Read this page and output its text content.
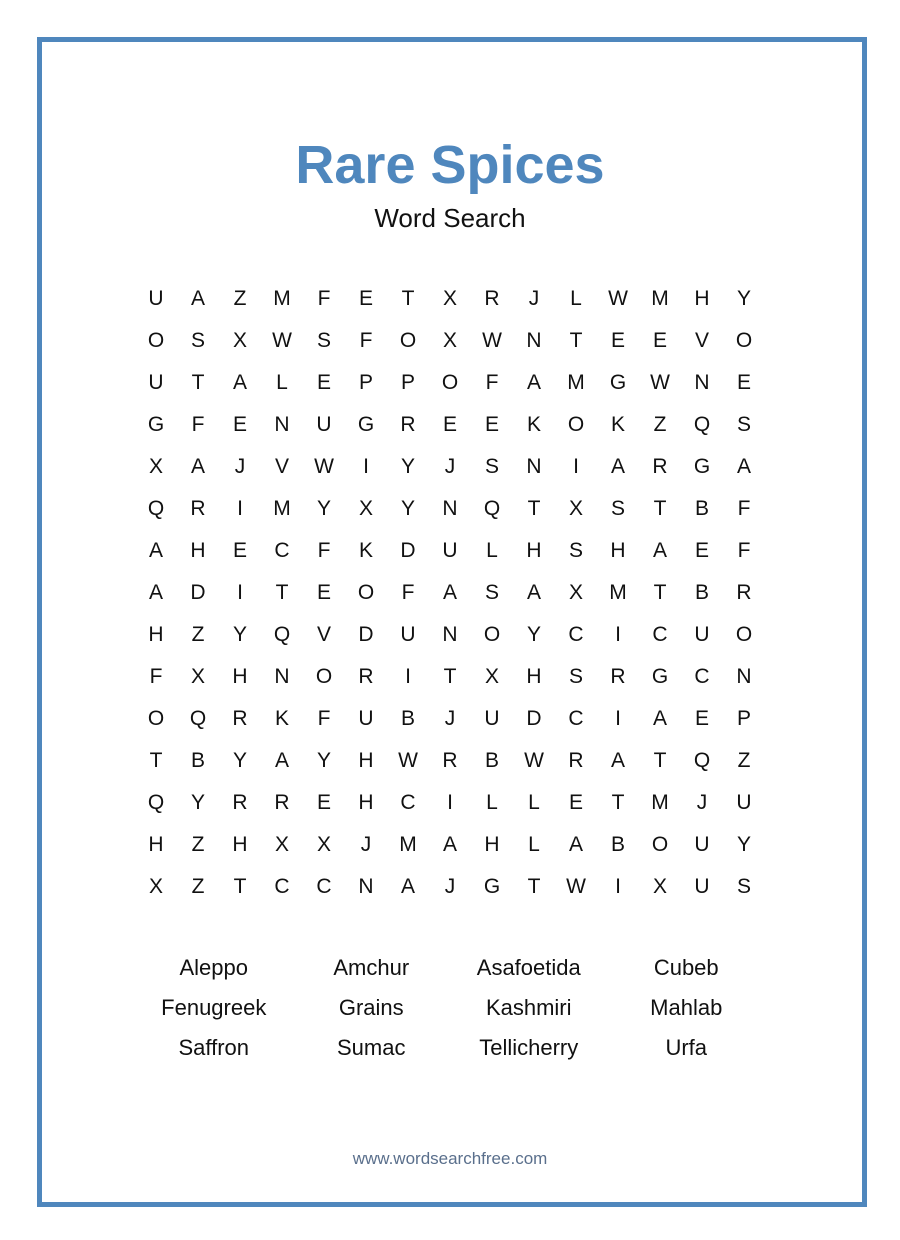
Rare Spices
Word Search
U	A	Z	M	F	E	T	X	R	J	L	W	M	H	Y
O	S	X	W	S	F	O	X	W	N	T	E	E	V	O
U	T	A	L	E	P	P	O	F	A	M	G	W	N	E
G	F	E	N	U	G	R	E	E	K	O	K	Z	Q	S
X	A	J	V	W	I	Y	J	S	N	I	A	R	G	A
Q	R	I	M	Y	X	Y	N	Q	T	X	S	T	B	F
A	H	E	C	F	K	D	U	L	H	S	H	A	E	F
A	D	I	T	E	O	F	A	S	A	X	M	T	B	R
H	Z	Y	Q	V	D	U	N	O	Y	C	I	C	U	O
F	X	H	N	O	R	I	T	X	H	S	R	G	C	N
O	Q	R	K	F	U	B	J	U	D	C	I	A	E	P
T	B	Y	A	Y	H	W	R	B	W	R	A	T	Q	Z
Q	Y	R	R	E	H	C	I	L	L	E	T	M	J	U
H	Z	H	X	X	J	M	A	H	L	A	B	O	U	Y
X	Z	T	C	C	N	A	J	G	T	W	I	X	U	S
Aleppo	Amchur	Asafoetida	Cubeb
Fenugreek	Grains	Kashmiri	Mahlab
Saffron	Sumac	Tellicherry	Urfa
www.wordsearchfree.com
